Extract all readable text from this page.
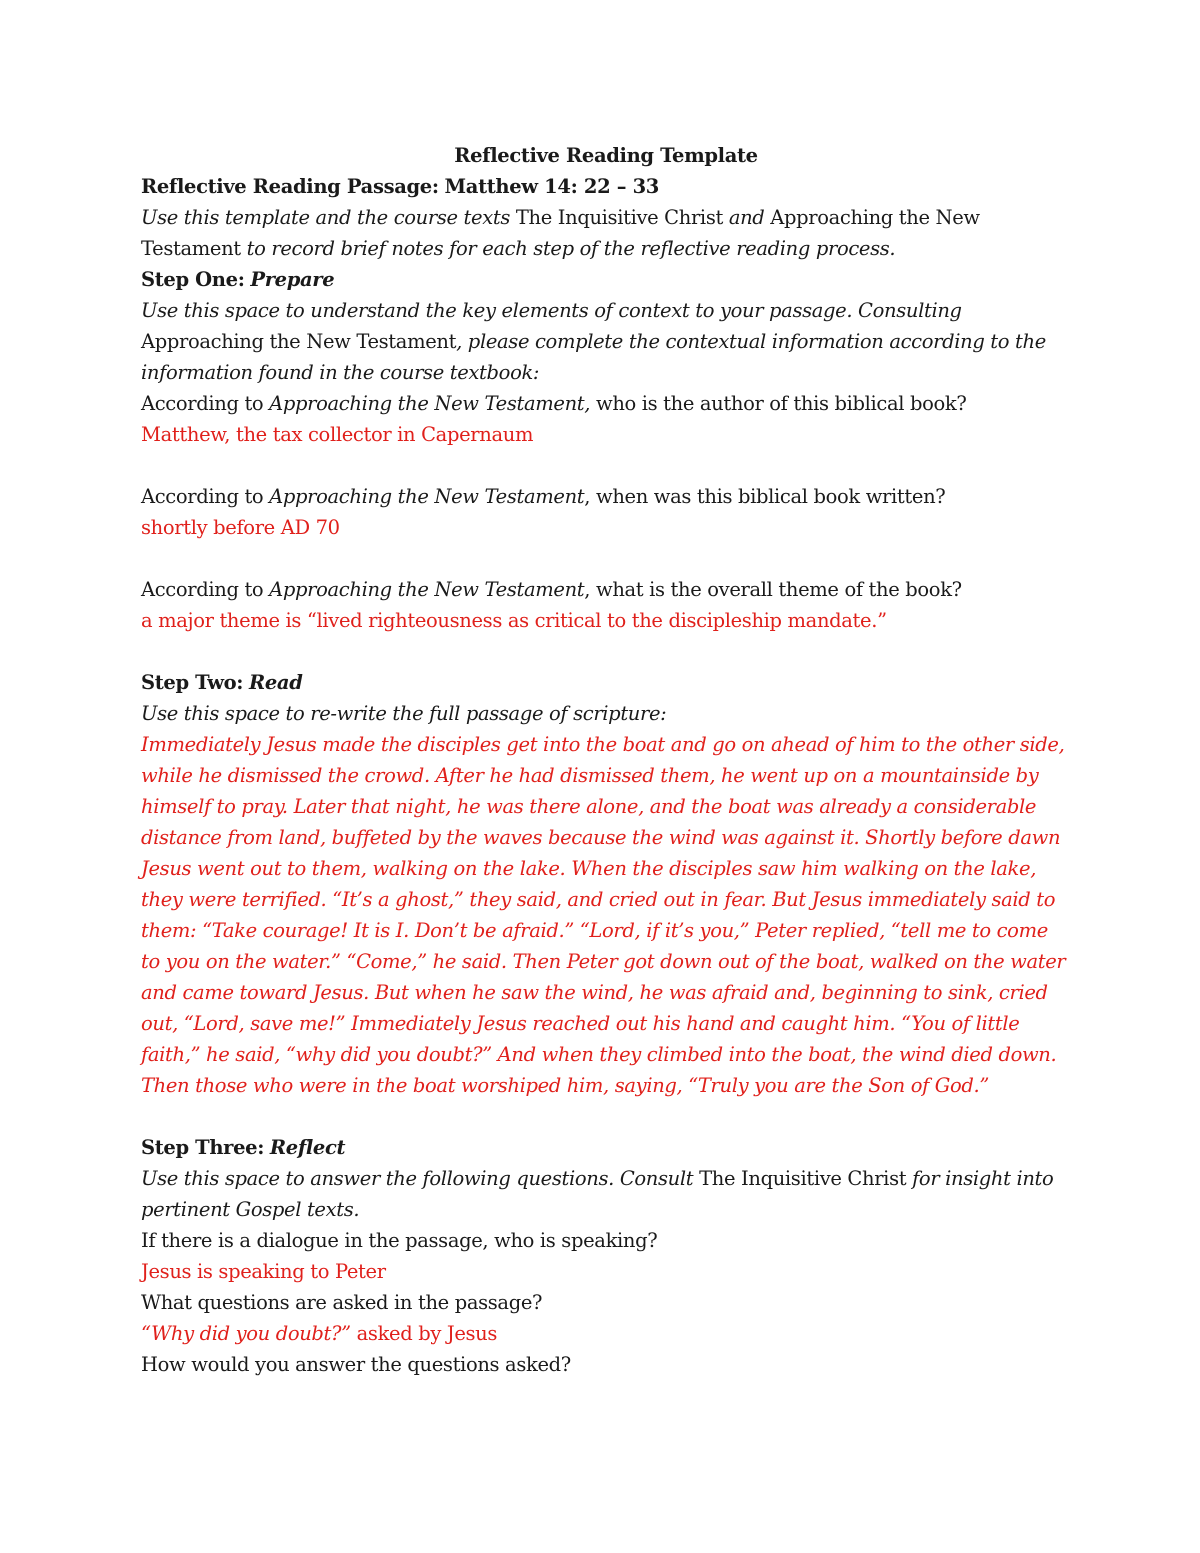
Reflective Reading Template

Reflective Reading Passage: Matthew 14: 22 – 33

Use this template and the course texts The Inquisitive Christ and Approaching the New Testament to record brief notes for each step of the reflective reading process.

Step One: Prepare

Use this space to understand the key elements of context to your passage. Consulting Approaching the New Testament, please complete the contextual information according to the information found in the course textbook:

According to Approaching the New Testament, who is the author of this biblical book?

Matthew, the tax collector in Capernaum

According to Approaching the New Testament, when was this biblical book written?

shortly before AD 70

According to Approaching the New Testament, what is the overall theme of the book?

a major theme is “lived righteousness as critical to the discipleship mandate.”

Step Two: Read

Use this space to re-write the full passage of scripture:

Immediately Jesus made the disciples get into the boat and go on ahead of him to the other side, while he dismissed the crowd. After he had dismissed them, he went up on a mountainside by himself to pray. Later that night, he was there alone, and the boat was already a considerable distance from land, buffeted by the waves because the wind was against it. Shortly before dawn Jesus went out to them, walking on the lake. When the disciples saw him walking on the lake, they were terrified. “It’s a ghost,” they said, and cried out in fear. But Jesus immediately said to them: “Take courage! It is I. Don’t be afraid.” “Lord, if it’s you,” Peter replied, “tell me to come to you on the water.” “Come,” he said. Then Peter got down out of the boat, walked on the water and came toward Jesus. But when he saw the wind, he was afraid and, beginning to sink, cried out, “Lord, save me!” Immediately Jesus reached out his hand and caught him. “You of little faith,” he said, “why did you doubt?” And when they climbed into the boat, the wind died down. Then those who were in the boat worshiped him, saying, “Truly you are the Son of God.”

Step Three: Reflect

Use this space to answer the following questions. Consult The Inquisitive Christ for insight into pertinent Gospel texts.

If there is a dialogue in the passage, who is speaking?

Jesus is speaking to Peter

What questions are asked in the passage?

“Why did you doubt?” asked by Jesus

How would you answer the questions asked?
